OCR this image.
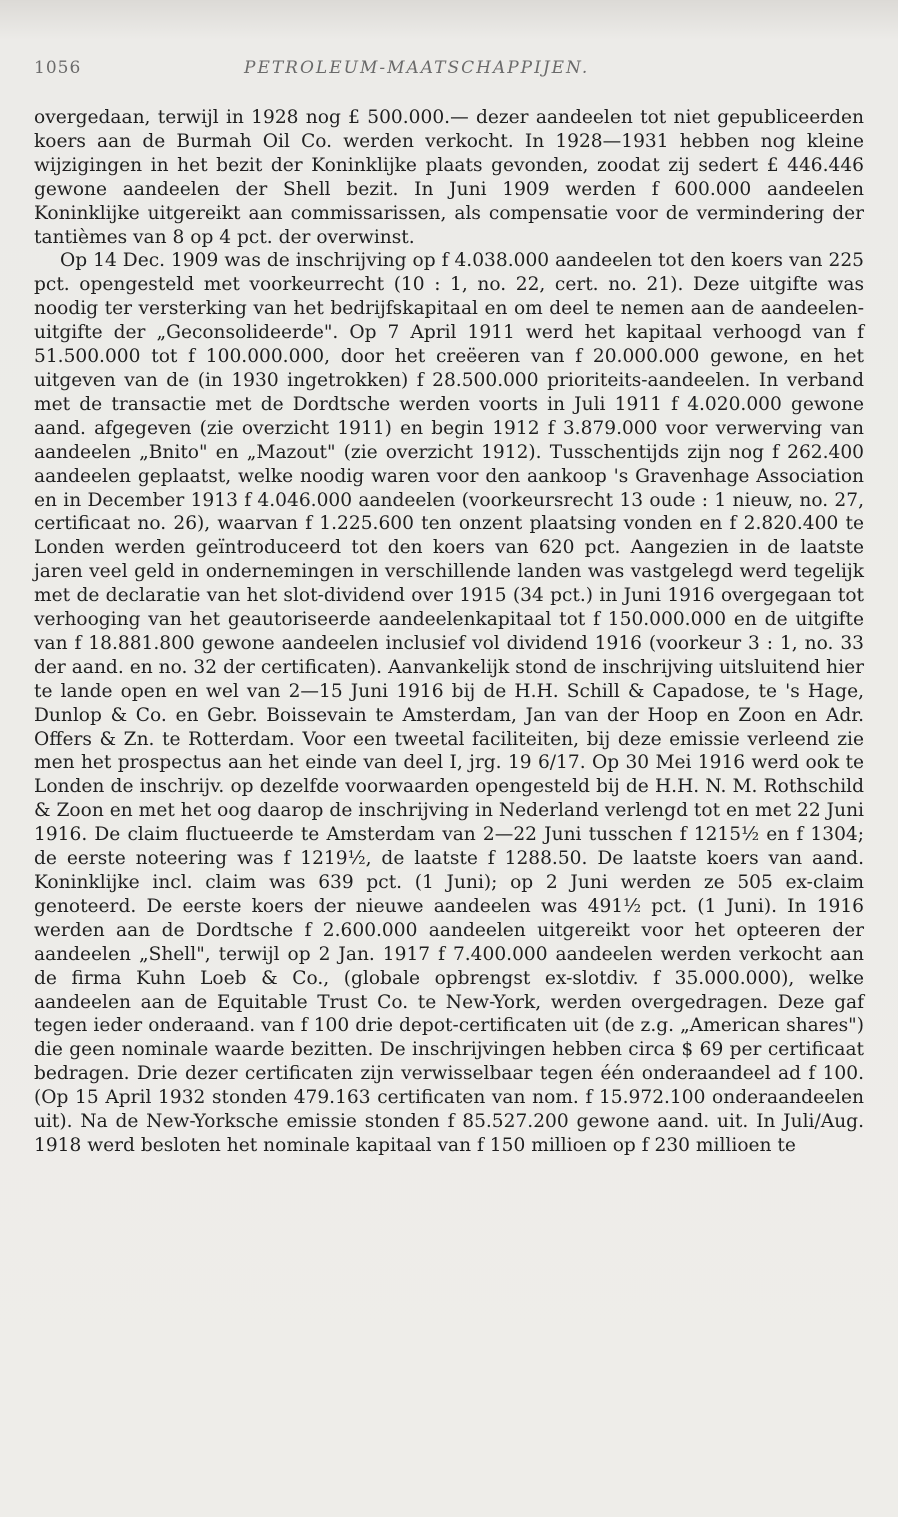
1056	PETROLEUM-MAATSCHAPPIJEN.

overgedaan, terwijl in 1928 nog £ 500.000.— dezer aandeelen tot niet gepubliceerden koers aan de Burmah Oil Co. werden verkocht. In 1928—1931 hebben nog kleine wijzigingen in het bezit der Koninklijke plaats gevonden, zoodat zij sedert £ 446.446 gewone aandeelen der Shell bezit. In Juni 1909 werden f 600.000 aandeelen Koninklijke uitgereikt aan commissarissen, als compensatie voor de vermindering der tantièmes van 8 op 4 pct. der overwinst.

Op 14 Dec. 1909 was de inschrijving op f 4.038.000 aandeelen tot den koers van 225 pct. opengesteld met voorkeurrecht (10 : 1, no. 22, cert. no. 21). Deze uitgifte was noodig ter versterking van het bedrijfskapitaal en om deel te nemen aan de aandeelen-uitgifte der „Geconsolideerde". Op 7 April 1911 werd het kapitaal verhoogd van f 51.500.000 tot f 100.000.000, door het creëeren van f 20.000.000 gewone, en het uitgeven van de (in 1930 ingetrokken) f 28.500.000 prioriteits-aandeelen. In verband met de transactie met de Dordtsche werden voorts in Juli 1911 f 4.020.000 gewone aand. afgegeven (zie overzicht 1911) en begin 1912 f 3.879.000 voor verwerving van aandeelen „Bnito" en „Mazout" (zie overzicht 1912). Tusschentijds zijn nog f 262.400 aandeelen geplaatst, welke noodig waren voor den aankoop 's Gravenhage Association en in December 1913 f 4.046.000 aandeelen (voorkeursrecht 13 oude : 1 nieuw, no. 27, certificaat no. 26), waarvan f 1.225.600 ten onzent plaatsing vonden en f 2.820.400 te Londen werden geïntroduceerd tot den koers van 620 pct. Aangezien in de laatste jaren veel geld in ondernemingen in verschillende landen was vastgelegd werd tegelijk met de declaratie van het slot-dividend over 1915 (34 pct.) in Juni 1916 overgegaan tot verhooging van het geautoriseerde aandeelenkapitaal tot f 150.000.000 en de uitgifte van f 18.881.800 gewone aandeelen inclusief vol dividend 1916 (voorkeur 3 : 1, no. 33 der aand. en no. 32 der certificaten). Aanvankelijk stond de inschrijving uitsluitend hier te lande open en wel van 2—15 Juni 1916 bij de H.H. Schill & Capadose, te 's Hage, Dunlop & Co. en Gebr. Boissevain te Amsterdam, Jan van der Hoop en Zoon en Adr. Offers & Zn. te Rotterdam. Voor een tweetal faciliteiten, bij deze emissie verleend zie men het prospectus aan het einde van deel I, jrg. 19 6/17. Op 30 Mei 1916 werd ook te Londen de inschrijv. op dezelfde voorwaarden opengesteld bij de H.H. N. M. Rothschild & Zoon en met het oog daarop de inschrijving in Nederland verlengd tot en met 22 Juni 1916. De claim fluctueerde te Amsterdam van 2—22 Juni tusschen f 1215½ en f 1304; de eerste noteering was f 1219½, de laatste f 1288.50. De laatste koers van aand. Koninklijke incl. claim was 639 pct. (1 Juni); op 2 Juni werden ze 505 ex-claim genoteerd. De eerste koers der nieuwe aandeelen was 491½ pct. (1 Juni). In 1916 werden aan de Dordtsche f 2.600.000 aandeelen uitgereikt voor het opteeren der aandeelen „Shell", terwijl op 2 Jan. 1917 f 7.400.000 aandeelen werden verkocht aan de firma Kuhn Loeb & Co., (globale opbrengst ex-slotdiv. f 35.000.000), welke aandeelen aan de Equitable Trust Co. te New-York, werden overgedragen. Deze gaf tegen ieder onderaand. van f 100 drie depot-certificaten uit (de z.g. „American shares") die geen nominale waarde bezitten. De inschrijvingen hebben circa $ 69 per certificaat bedragen. Drie dezer certificaten zijn verwisselbaar tegen één onderaandeel ad f 100. (Op 15 April 1932 stonden 479.163 certificaten van nom. f 15.972.100 onderaandeelen uit). Na de New-Yorksche emissie stonden f 85.527.200 gewone aand. uit. In Juli/Aug. 1918 werd besloten het nominale kapitaal van f 150 millioen op f 230 millioen te
